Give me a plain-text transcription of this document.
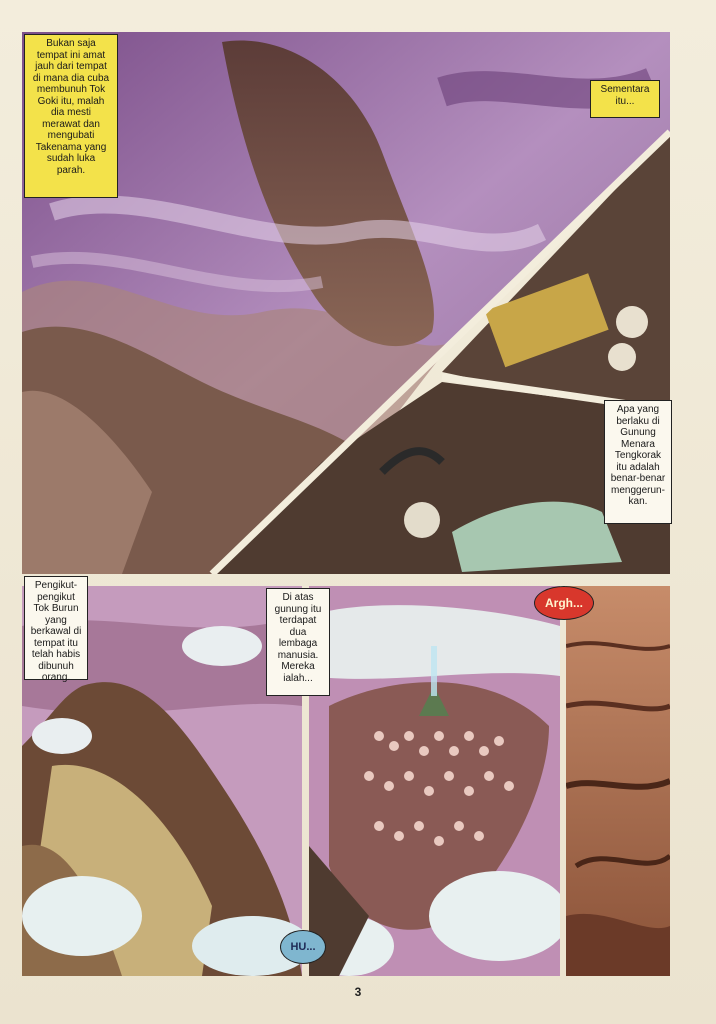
Bukan saja
tempat ini amat
jauh dari tempat
di mana dia cuba
membunuh Tok
Goki itu, malah
dia mesti
merawat dan
mengubati
Takenama yang
sudah luka
parah.
Sementara
itu...
Apa yang
berlaku di
Gunung
Menara
Tengkorak
itu adalah
benar-benar
menggerun-
kan.
Pengikut-
pengikut
Tok Burun
yang
berkawal di
tempat itu
telah habis
dibunuh
orang.
Di atas
gunung itu
terdapat
dua
lembaga
manusia.
Mereka
ialah...
Argh...
HU...
3
